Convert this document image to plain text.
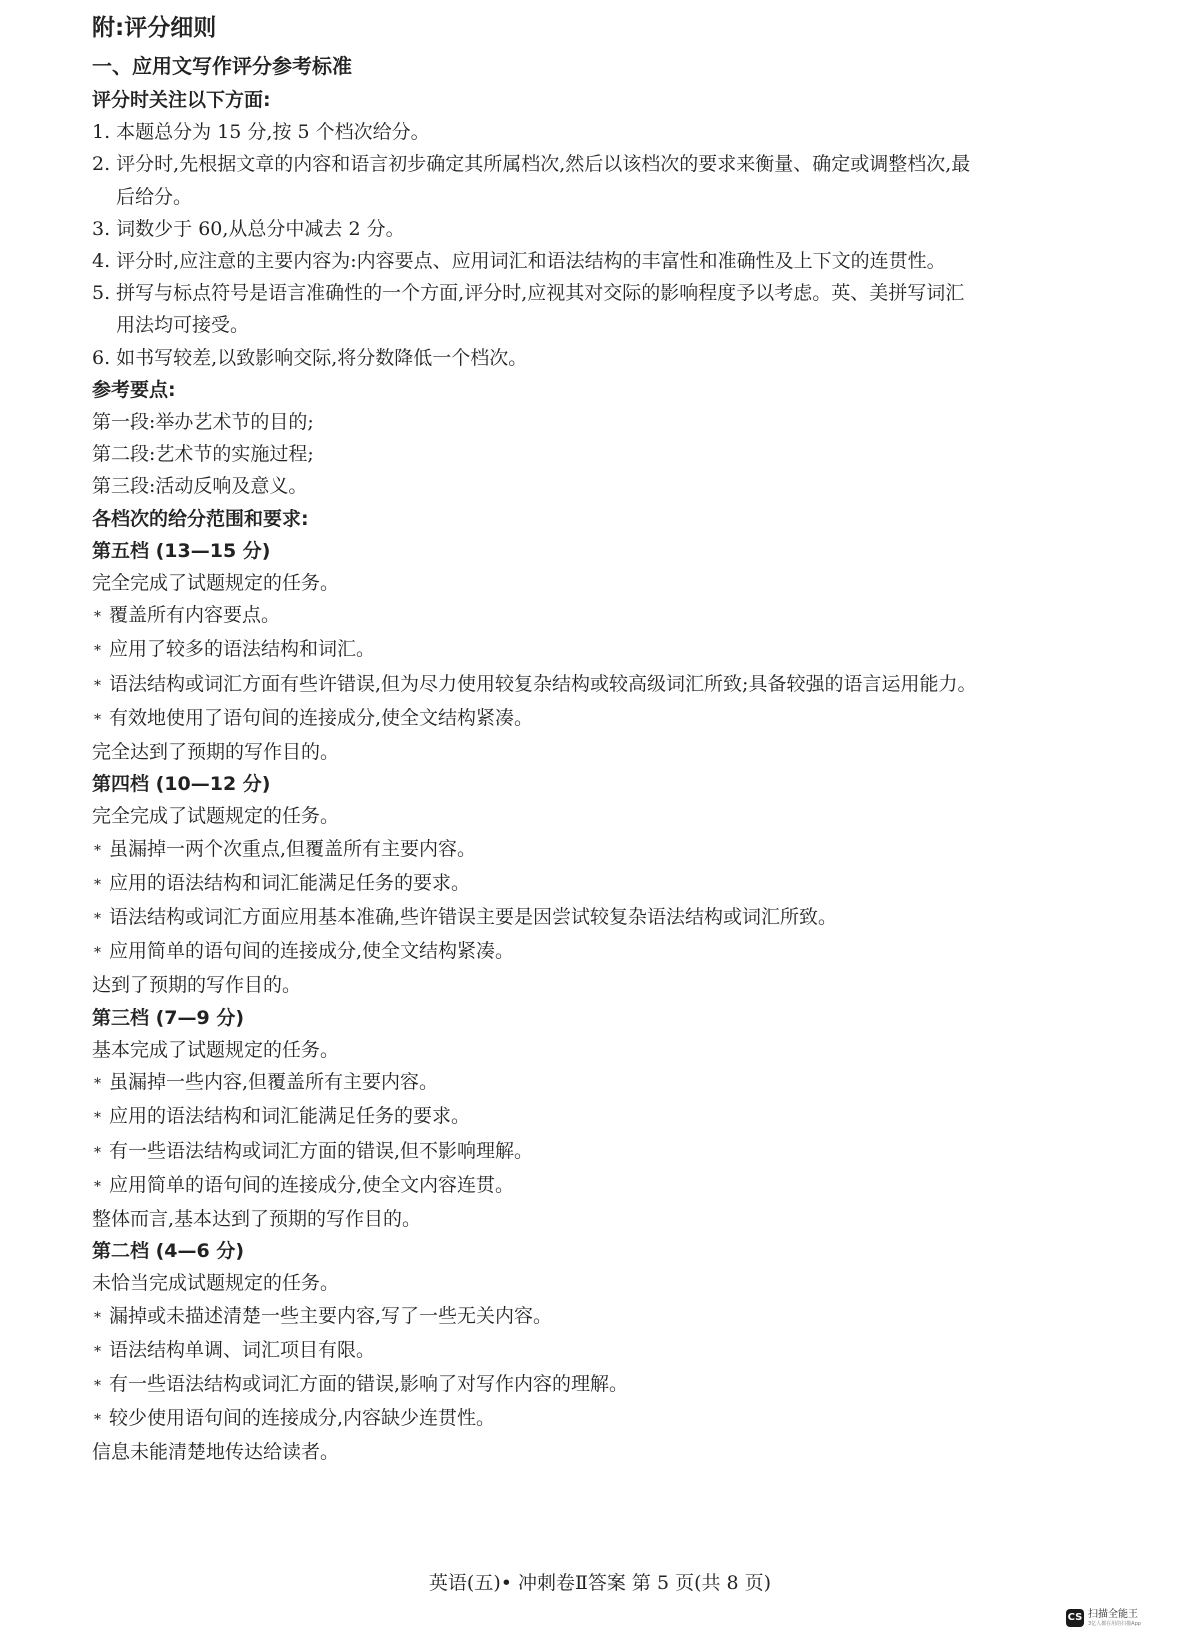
附:评分细则
一、应用文写作评分参考标准
评分时关注以下方面:
1. 本题总分为 15 分,按 5 个档次给分。
2. 评分时,先根据文章的内容和语言初步确定其所属档次,然后以该档次的要求来衡量、确定或调整档次,最
后给分。
3. 词数少于 60,从总分中减去 2 分。
4. 评分时,应注意的主要内容为:内容要点、应用词汇和语法结构的丰富性和准确性及上下文的连贯性。
5. 拼写与标点符号是语言准确性的一个方面,评分时,应视其对交际的影响程度予以考虑。英、美拼写词汇
用法均可接受。
6. 如书写较差,以致影响交际,将分数降低一个档次。
参考要点:
第一段:举办艺术节的目的;
第二段:艺术节的实施过程;
第三段:活动反响及意义。
各档次的给分范围和要求:
第五档 (13—15 分)
完全完成了试题规定的任务。
* 覆盖所有内容要点。
* 应用了较多的语法结构和词汇。
* 语法结构或词汇方面有些许错误,但为尽力使用较复杂结构或较高级词汇所致;具备较强的语言运用能力。
* 有效地使用了语句间的连接成分,使全文结构紧凑。
完全达到了预期的写作目的。
第四档 (10—12 分)
完全完成了试题规定的任务。
* 虽漏掉一两个次重点,但覆盖所有主要内容。
* 应用的语法结构和词汇能满足任务的要求。
* 语法结构或词汇方面应用基本准确,些许错误主要是因尝试较复杂语法结构或词汇所致。
* 应用简单的语句间的连接成分,使全文结构紧凑。
达到了预期的写作目的。
第三档 (7—9 分)
基本完成了试题规定的任务。
* 虽漏掉一些内容,但覆盖所有主要内容。
* 应用的语法结构和词汇能满足任务的要求。
* 有一些语法结构或词汇方面的错误,但不影响理解。
* 应用简单的语句间的连接成分,使全文内容连贯。
整体而言,基本达到了预期的写作目的。
第二档 (4—6 分)
未恰当完成试题规定的任务。
* 漏掉或未描述清楚一些主要内容,写了一些无关内容。
* 语法结构单调、词汇项目有限。
* 有一些语法结构或词汇方面的错误,影响了对写作内容的理解。
* 较少使用语句间的连接成分,内容缺少连贯性。
信息未能清楚地传达给读者。
英语(五)• 冲刺卷Ⅱ答案 第 5 页(共 8 页)
CS 扫描全能王
3亿人都在用的扫描App
